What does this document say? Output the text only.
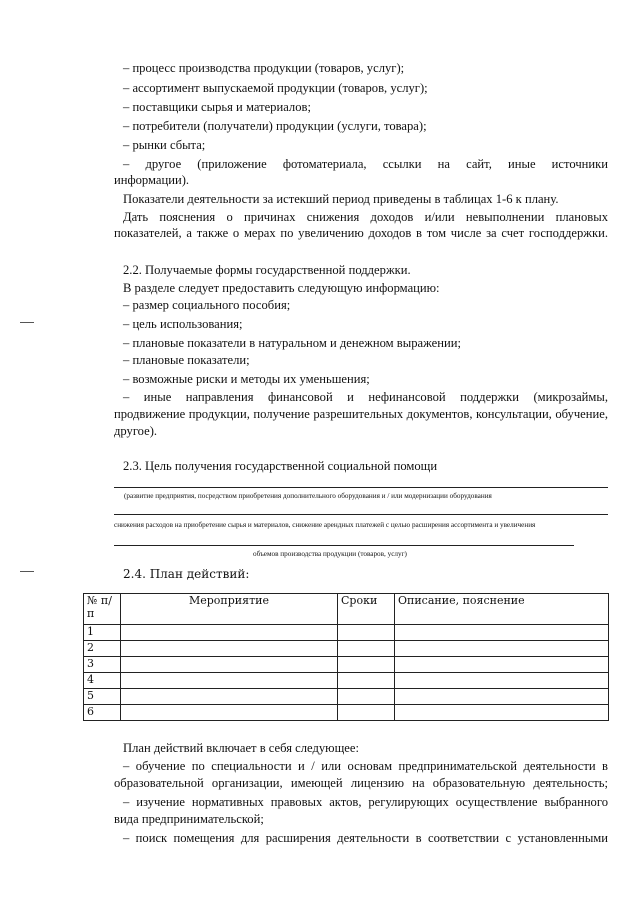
– процесс производства продукции (товаров, услуг);
– ассортимент выпускаемой продукции (товаров, услуг);
– поставщики сырья и материалов;
– потребители (получатели) продукции (услуги, товара);
– рынки сбыта;
– другое (приложение фотоматериала, ссылки на сайт, иные источники
информации).
Показатели деятельности за истекший период приведены в таблицах 1-6 к плану.
Дать пояснения о причинах снижения доходов и/или невыполнении плановых
показателей, а также о мерах по увеличению доходов в том числе за счет господдержки.
2.2. Получаемые формы государственной поддержки.
В разделе следует предоставить следующую информацию:
– размер социального пособия;
– цель использования;
– плановые показатели в натуральном и денежном выражении;
– плановые показатели;
– возможные риски и методы их уменьшения;
– иные направления финансовой и нефинансовой поддержки (микрозаймы,
продвижение продукции, получение разрешительных документов, консультации, обучение,
другое).
2.3. Цель получения государственной социальной помощи
(развитие предприятия, посредством приобретения дополнительного оборудования и / или модернизации оборудования
снижения расходов на приобретение сырья и материалов, снижение арендных платежей с целью расширения ассортимента и увеличения
объемов производства продукции (товаров, услуг)
2.4. План действий:
№ п/п	Мероприятие	Сроки	Описание, пояснение
1			
2			
3			
4			
5			
6			
План действий включает в себя следующее:
– обучение по специальности и / или основам предпринимательской деятельности в
образовательной организации, имеющей лицензию на образовательную деятельность;
– изучение нормативных правовых актов, регулирующих осуществление выбранного
вида предпринимательской;
– поиск помещения для расширения деятельности в соответствии с установленными
